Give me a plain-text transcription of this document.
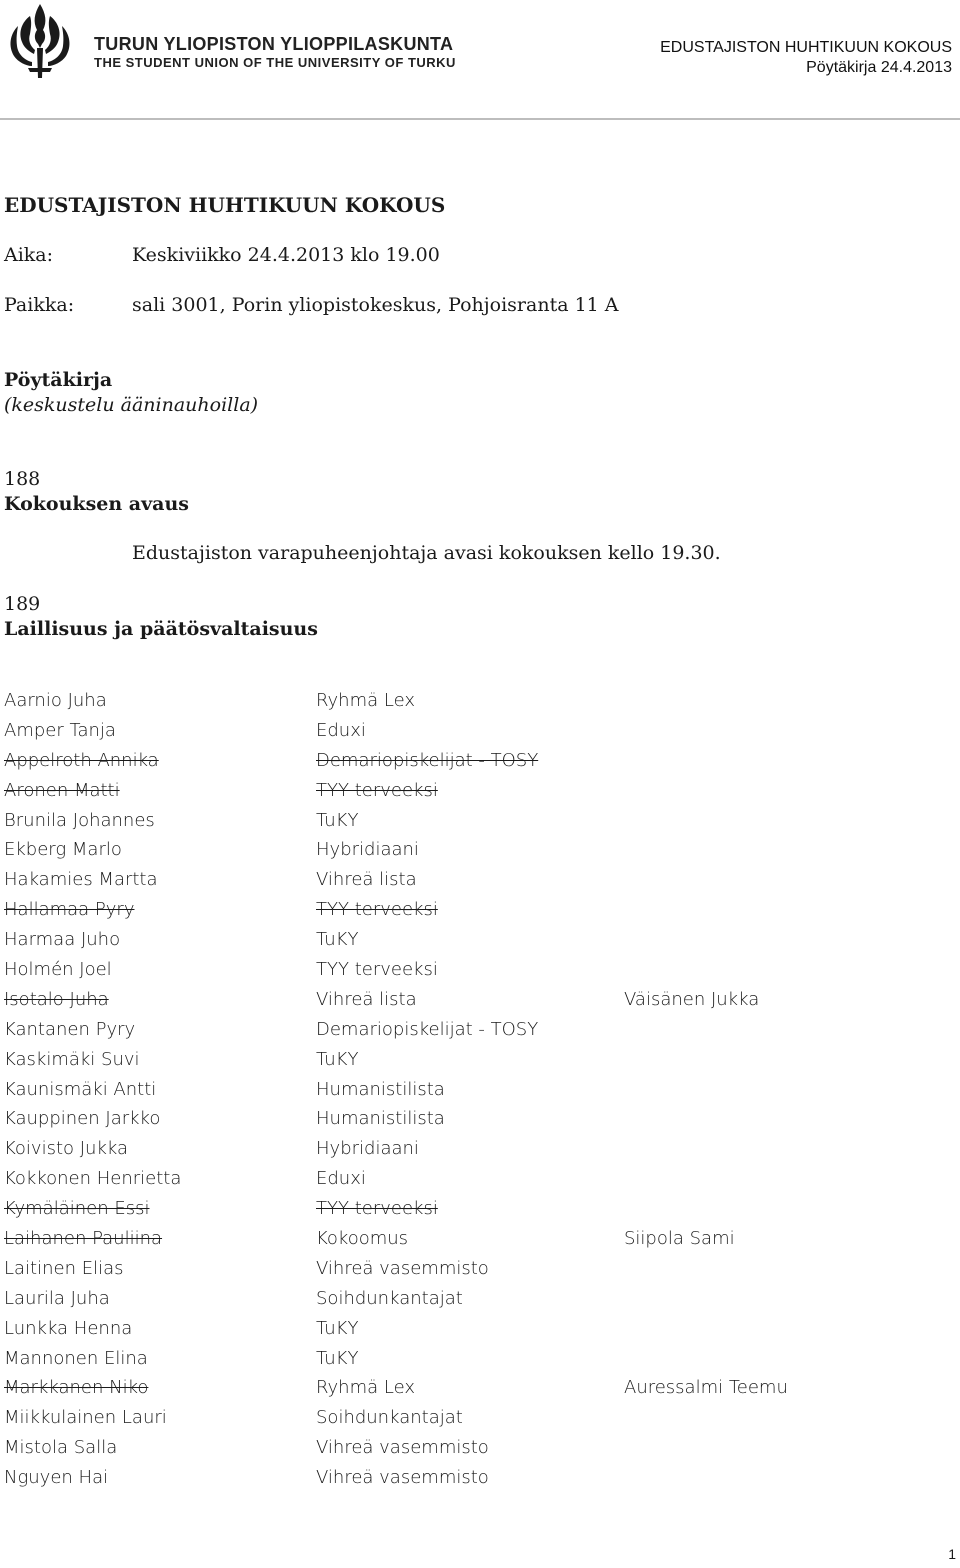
TURUN YLIOPISTON YLIOPPILASKUNTA
THE STUDENT UNION OF THE UNIVERSITY OF TURKU
EDUSTAJISTON HUHTIKUUN KOKOUS
Pöytäkirja 24.4.2013
EDUSTAJISTON HUHTIKUUN KOKOUS
Aika:	Keskiviikko 24.4.2013 klo 19.00
Paikka:	sali 3001, Porin yliopistokeskus, Pohjoisranta 11 A
Pöytäkirja
(keskustelu ääninauhoilla)
188
Kokouksen avaus
Edustajiston varapuheenjohtaja avasi kokouksen kello 19.30.
189
Laillisuus ja päätösvaltaisuus
Aarnio Juha	Ryhmä Lex
Amper Tanja	Eduxi
Appelroth Annika	Demariopiskelijat - TOSY
Aronen Matti	TYY terveeksi
Brunila Johannes	TuKY
Ekberg Marlo	Hybridiaani
Hakamies Martta	Vihreä lista
Hallamaa Pyry	TYY terveeksi
Harmaa Juho	TuKY
Holmén Joel	TYY terveeksi
Isotalo Juha	Vihreä lista	Väisänen Jukka
Kantanen Pyry	Demariopiskelijat - TOSY
Kaskimäki Suvi	TuKY
Kaunismäki Antti	Humanistilista
Kauppinen Jarkko	Humanistilista
Koivisto Jukka	Hybridiaani
Kokkonen Henrietta	Eduxi
Kymäläinen Essi	TYY terveeksi
Laihanen Pauliina	Kokoomus	Siipola Sami
Laitinen Elias	Vihreä vasemmisto
Laurila Juha	Soihdunkantajat
Lunkka Henna	TuKY
Mannonen Elina	TuKY
Markkanen Niko	Ryhmä Lex	Auressalmi Teemu
Miikkulainen Lauri	Soihdunkantajat
Mistola Salla	Vihreä vasemmisto
Nguyen Hai	Vihreä vasemmisto
1
